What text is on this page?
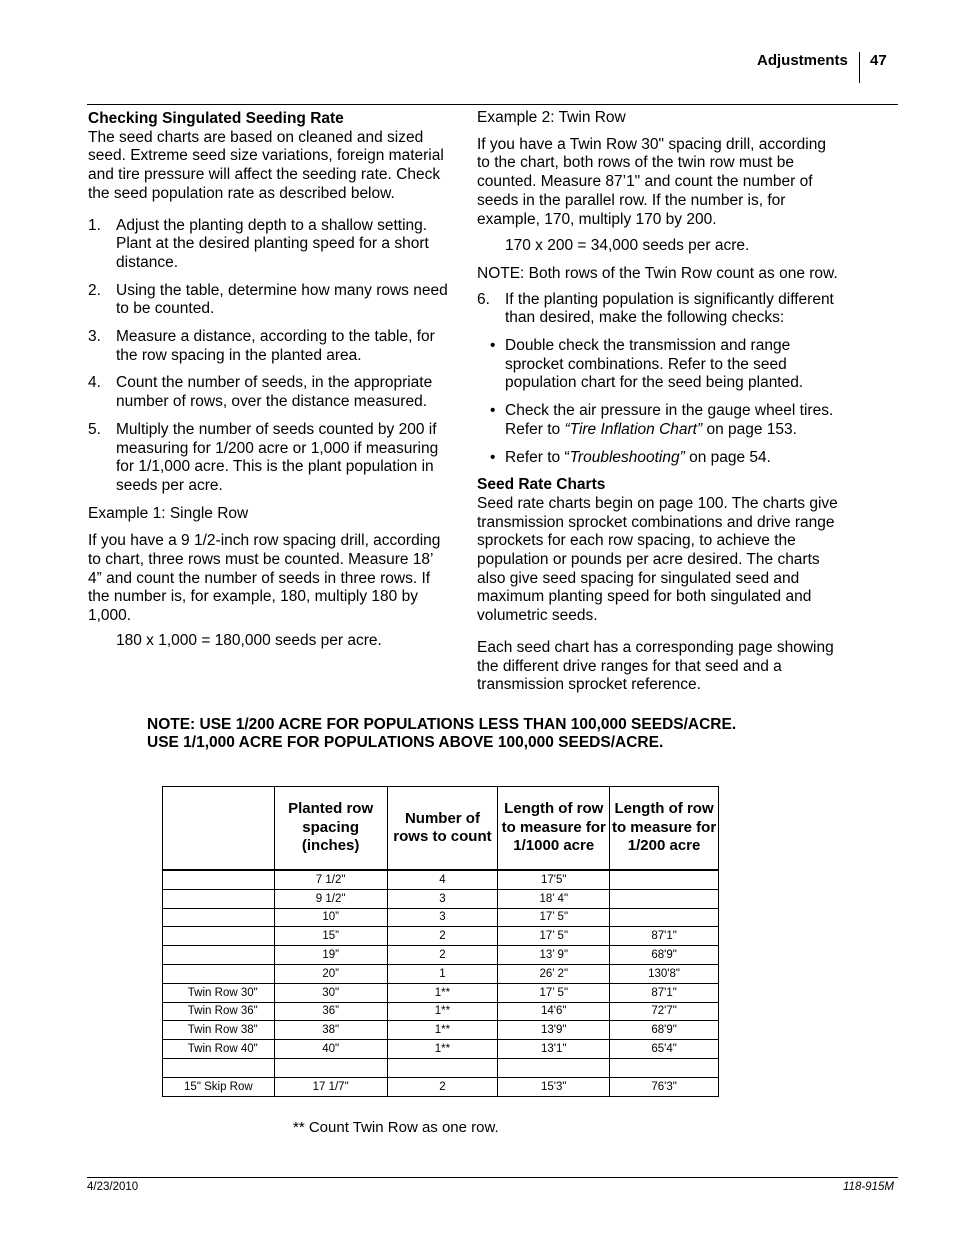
Adjustments 47

Checking Singulated Seeding Rate

The seed charts are based on cleaned and sized seed. Extreme seed size variations, foreign material and tire pressure will affect the seeding rate. Check the seed population rate as described below.

1. Adjust the planting depth to a shallow setting. Plant at the desired planting speed for a short distance.
2. Using the table, determine how many rows need to be counted.
3. Measure a distance, according to the table, for the row spacing in the planted area.
4. Count the number of seeds, in the appropriate number of rows, over the distance measured.
5. Multiply the number of seeds counted by 200 if measuring for 1/200 acre or 1,000 if measuring for 1/1,000 acre. This is the plant population in seeds per acre.

Example 1: Single Row

If you have a 9 1/2-inch row spacing drill, according to chart, three rows must be counted. Measure 18’ 4” and count the number of seeds in three rows. If the number is, for example, 180, multiply 180 by 1,000.

180 x 1,000 = 180,000 seeds per acre.

Example 2: Twin Row

If you have a Twin Row 30" spacing drill, according to the chart, both rows of the twin row must be counted. Measure 87’1" and count the number of seeds in the parallel row. If the number is, for example, 170, multiply 170 by 200.

170 x 200 = 34,000 seeds per acre.

NOTE: Both rows of the Twin Row count as one row.

6. If the planting population is significantly different than desired, make the following checks:
• Double check the transmission and range sprocket combinations. Refer to the seed population chart for the seed being planted.
• Check the air pressure in the gauge wheel tires. Refer to “Tire Inflation Chart” on page 153.
• Refer to “Troubleshooting” on page 54.

Seed Rate Charts

Seed rate charts begin on page 100. The charts give transmission sprocket combinations and drive range sprockets for each row spacing, to achieve the population or pounds per acre desired. The charts also give seed spacing for singulated seed and maximum planting speed for both singulated and volumetric seeds.

Each seed chart has a corresponding page showing the different drive ranges for that seed and a transmission sprocket reference.

NOTE: USE 1/200 ACRE FOR POPULATIONS LESS THAN 100,000 SEEDS/ACRE.
USE 1/1,000 ACRE FOR POPULATIONS ABOVE 100,000 SEEDS/ACRE.
	Planted row spacing (inches)	Number of rows to count	Length of row to measure for 1/1000 acre	Length of row to measure for 1/200 acre
	7 1/2"	4	17'5"	
	9 1/2"	3	18’ 4"	
	10”	3	17’ 5"	
	15”	2	17’ 5"	87'1"
	19”	2	13’ 9"	68'9"
	20”	1	26’ 2"	130'8"
Twin Row 30"	30"	1**	17’ 5"	87'1"
Twin Row 36"	36”	1**	14'6"	72'7"
Twin Row 38"	38"	1**	13'9"	68'9"
Twin Row 40"	40"	1**	13'1"	65'4"

15" Skip Row	17 1/7"	2	15'3"	76'3"
** Count Twin Row as one row.
4/23/2010	118-915M
